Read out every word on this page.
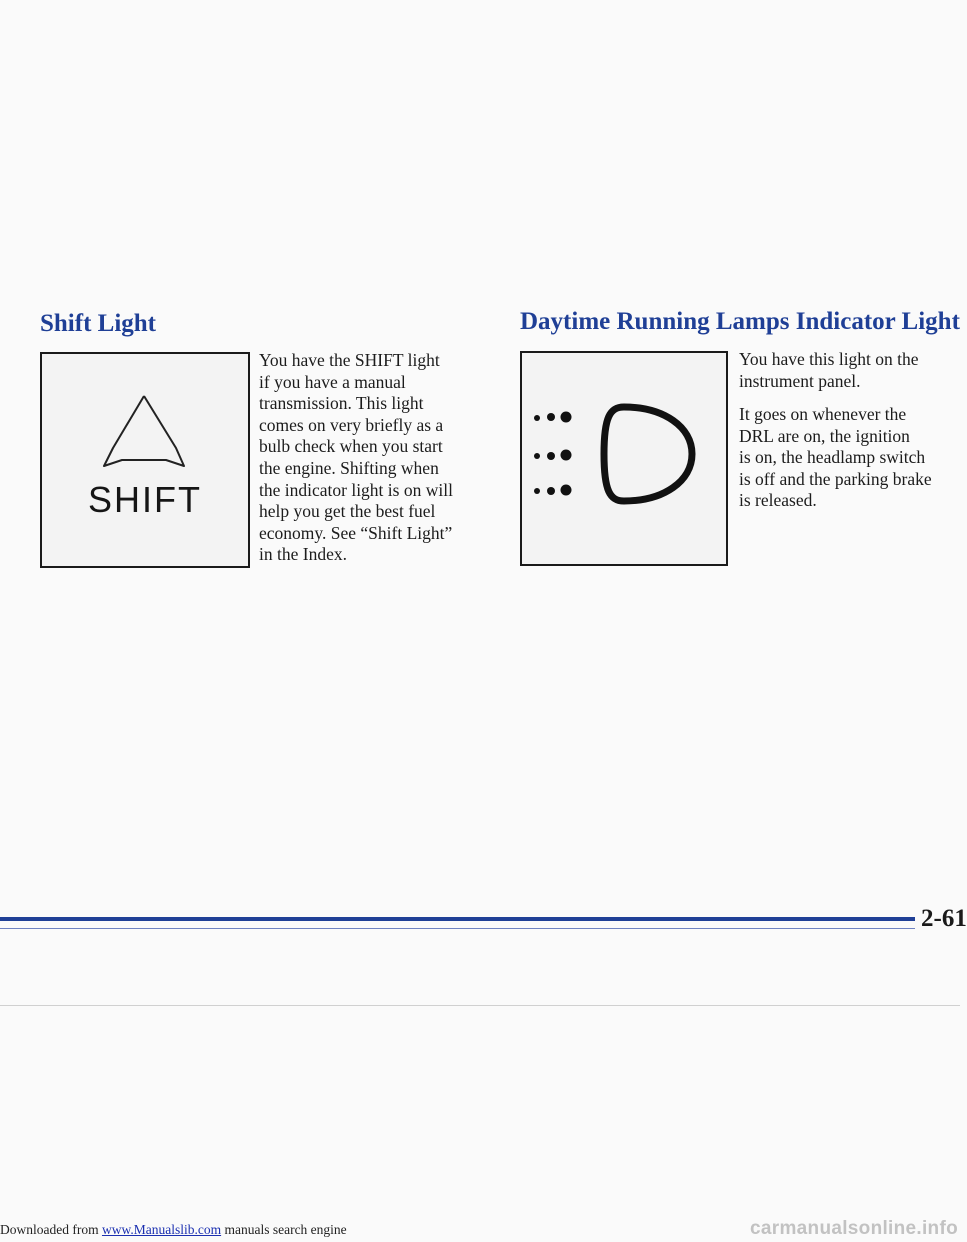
Shift Light
SHIFT

You have the SHIFT light
if you have a manual
transmission. This light
comes on very briefly as a
bulb check when you start
the engine. Shifting when
the indicator light is on will
help you get the best fuel
economy. See “Shift Light”
in the Index.

Daytime Running Lamps Indicator Light

You have this light on the
instrument panel.

It goes on whenever the
DRL are on, the ignition
is on, the headlamp switch
is off and the parking brake
is released.

2-61

Downloaded from www.Manualslib.com manuals search engine	carmanualsonline.info
